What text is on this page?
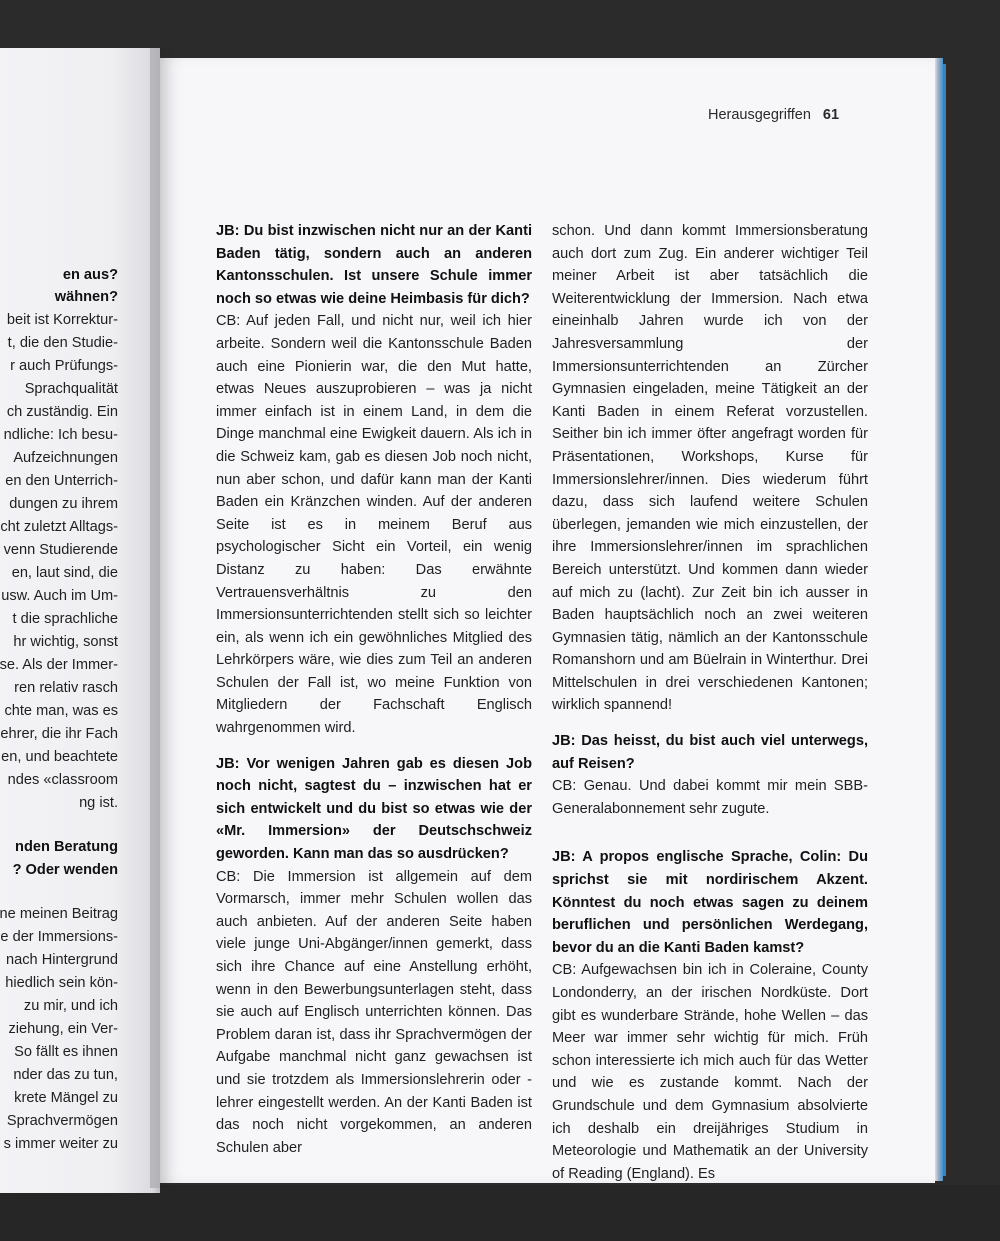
en aus?
wähnen?
beit ist Korrektur-
t, die den Studie-
r auch Prüfungs-
Sprachqualität
ch zuständig. Ein
ndliche: Ich besu-
Aufzeichnungen
en den Unterrich-
dungen zu ihrem
cht zuletzt Alltags-
venn Studierende
en, laut sind, die
usw. Auch im Um-
t die sprachliche
hr wichtig, sonst
se. Als der Immer-
ren relativ rasch
chte man, was es
ehrer, die ihr Fach
en, und beachtete
ndes «classroom
ng ist.
nden Beratung
? Oder wenden
ne meinen Beitrag
e der Immersions-
nach Hintergrund
hiedlich sein kön-
zu mir, und ich
ziehung, ein Ver-
So fällt es ihnen
nder das zu tun,
krete Mängel zu
Sprachvermögen
s immer weiter zu
Herausgegriffen 61

JB: Du bist inzwischen nicht nur an der Kanti Baden tätig, sondern auch an anderen Kantonsschulen. Ist unsere Schule immer noch so etwas wie deine Heimbasis für dich?

CB: Auf jeden Fall, und nicht nur, weil ich hier arbeite. Sondern weil die Kantonsschule Baden auch eine Pionierin war, die den Mut hatte, etwas Neues auszuprobieren – was ja nicht immer einfach ist in einem Land, in dem die Dinge manchmal eine Ewigkeit dauern. Als ich in die Schweiz kam, gab es diesen Job noch nicht, nun aber schon, und dafür kann man der Kanti Baden ein Kränzchen winden. Auf der anderen Seite ist es in meinem Beruf aus psychologischer Sicht ein Vorteil, ein wenig Distanz zu haben: Das erwähnte Vertrauensverhältnis zu den Immersionsunterrichtenden stellt sich so leichter ein, als wenn ich ein gewöhnliches Mitglied des Lehrkörpers wäre, wie dies zum Teil an anderen Schulen der Fall ist, wo meine Funktion von Mitgliedern der Fachschaft Englisch wahrgenommen wird.

JB: Vor wenigen Jahren gab es diesen Job noch nicht, sagtest du – inzwischen hat er sich entwickelt und du bist so etwas wie der «Mr. Immersion» der Deutschschweiz geworden. Kann man das so ausdrücken?

CB: Die Immersion ist allgemein auf dem Vormarsch, immer mehr Schulen wollen das auch anbieten. Auf der anderen Seite haben viele junge Uni-Abgänger/innen gemerkt, dass sich ihre Chance auf eine Anstellung erhöht, wenn in den Bewerbungsunterlagen steht, dass sie auch auf Englisch unterrichten können. Das Problem daran ist, dass ihr Sprachvermögen der Aufgabe manchmal nicht ganz gewachsen ist und sie trotzdem als Immersionslehrerin oder -lehrer eingestellt werden. An der Kanti Baden ist das noch nicht vorgekommen, an anderen Schulen aber

schon. Und dann kommt Immersionsberatung auch dort zum Zug. Ein anderer wichtiger Teil meiner Arbeit ist aber tatsächlich die Weiterentwicklung der Immersion. Nach etwa eineinhalb Jahren wurde ich von der Jahresversammlung der Immersionsunterrichtenden an Zürcher Gymnasien eingeladen, meine Tätigkeit an der Kanti Baden in einem Referat vorzustellen. Seither bin ich immer öfter angefragt worden für Präsentationen, Workshops, Kurse für Immersionslehrer/innen. Dies wiederum führt dazu, dass sich laufend weitere Schulen überlegen, jemanden wie mich einzustellen, der ihre Immersionslehrer/innen im sprachlichen Bereich unterstützt. Und kommen dann wieder auf mich zu (lacht). Zur Zeit bin ich ausser in Baden hauptsächlich noch an zwei weiteren Gymnasien tätig, nämlich an der Kantonsschule Romanshorn und am Büelrain in Winterthur. Drei Mittelschulen in drei verschiedenen Kantonen; wirklich spannend!

JB: Das heisst, du bist auch viel unterwegs, auf Reisen?

CB: Genau. Und dabei kommt mir mein SBB-Generalabonnement sehr zugute.

JB: A propos englische Sprache, Colin: Du sprichst sie mit nordirischem Akzent. Könntest du noch etwas sagen zu deinem beruflichen und persönlichen Werdegang, bevor du an die Kanti Baden kamst?

CB: Aufgewachsen bin ich in Coleraine, County Londonderry, an der irischen Nordküste. Dort gibt es wunderbare Strände, hohe Wellen – das Meer war immer sehr wichtig für mich. Früh schon interessierte ich mich auch für das Wetter und wie es zustande kommt. Nach der Grundschule und dem Gymnasium absolvierte ich deshalb ein dreijähriges Studium in Meteorologie und Mathematik an der University of Reading (England). Es
